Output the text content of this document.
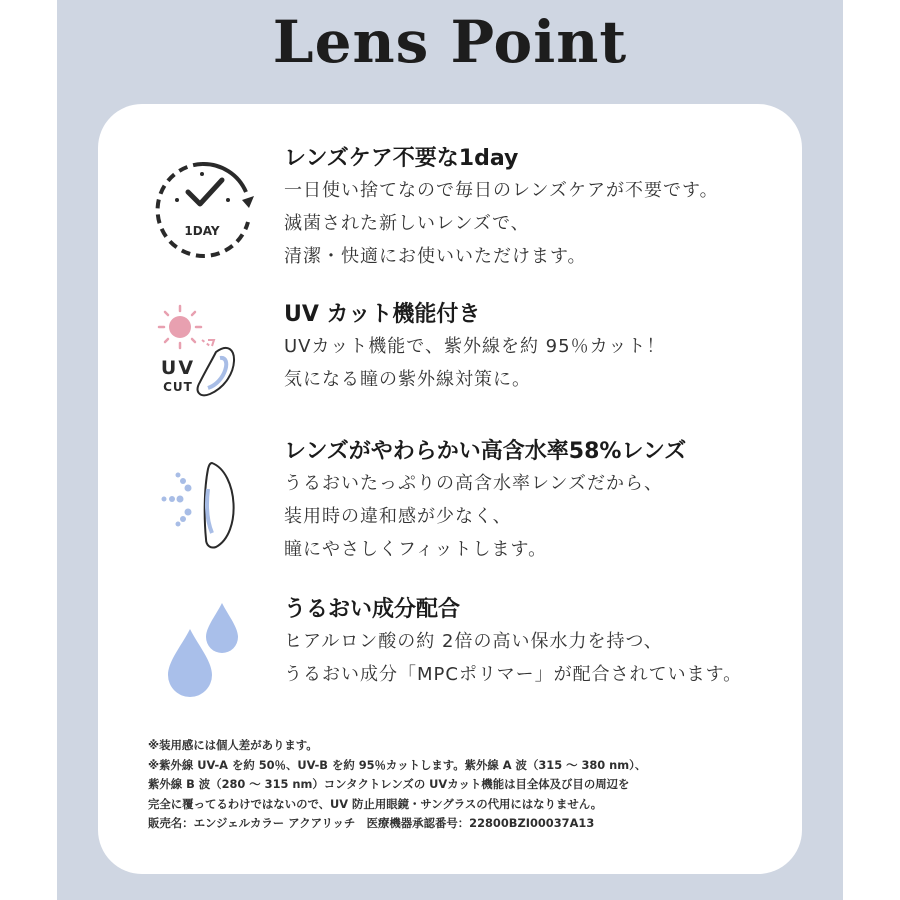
Lens Point
1DAY
レンズケア不要な1day
一日使い捨てなので毎日のレンズケアが不要です。
滅菌された新しいレンズで、
清潔・快適にお使いいただけます。
UV
CUT
UV カット機能付き
UVカット機能で、紫外線を約 95％カット！
気になる瞳の紫外線対策に。
レンズがやわらかい高含水率58%レンズ
うるおいたっぷりの高含水率レンズだから、
装用時の違和感が少なく、
瞳にやさしくフィットします。
うるおい成分配合
ヒアルロン酸の約 2倍の高い保水力を持つ、
うるおい成分「MPCポリマー」が配合されています。
※装用感には個人差があります。
※紫外線 UV-A を約 50％、UV-B を約 95％カットします。紫外線 A 波（315 ～ 380 nm）、
紫外線 B 波（280 ～ 315 nm）コンタクトレンズの UVカット機能は目全体及び目の周辺を
完全に覆ってるわけではないので、UV 防止用眼鏡・サングラスの代用にはなりません。
販売名：エンジェルカラー アクアリッチ　医療機器承認番号：22800BZI00037A13
